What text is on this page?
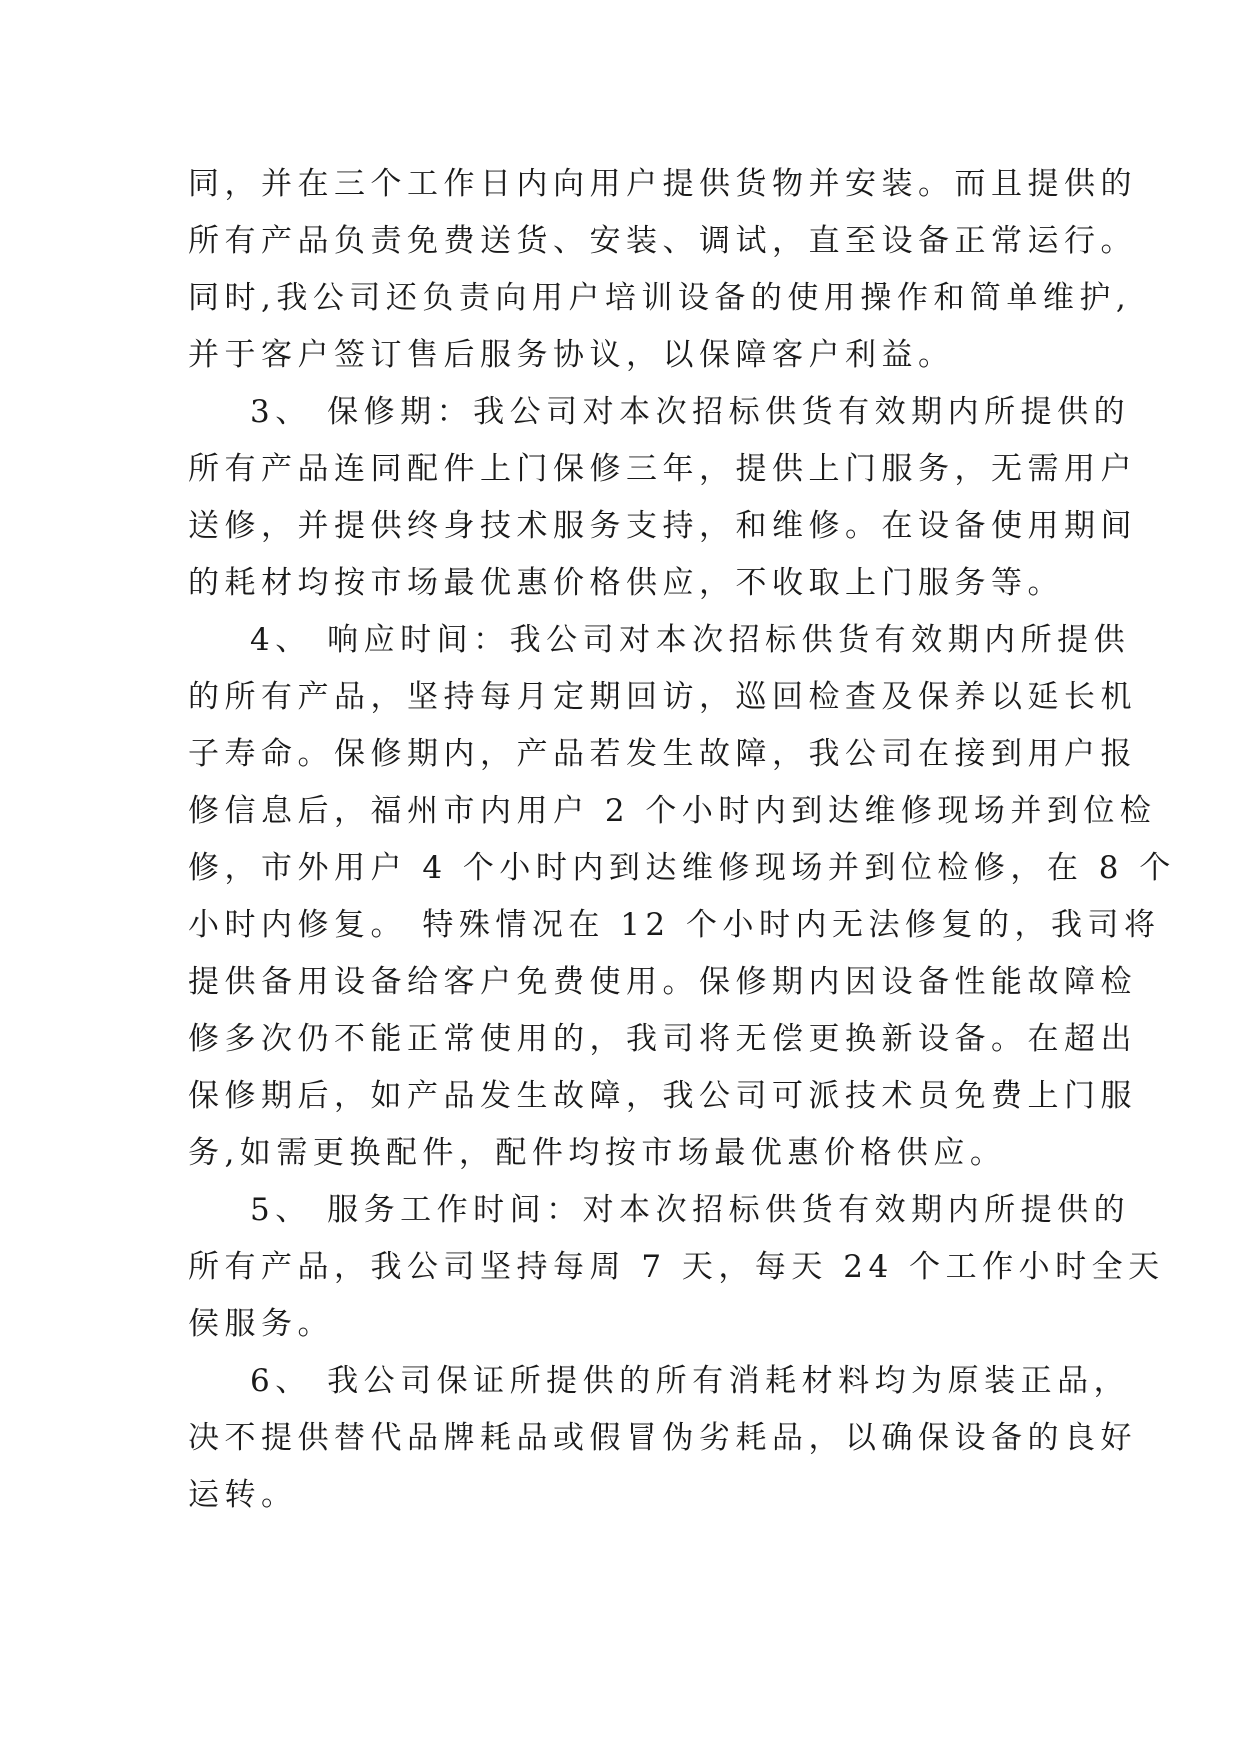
同，并在三个工作日内向用户提供货物并安装。而且提供的
所有产品负责免费送货、安装、调试，直至设备正常运行。
同时,我公司还负责向用户培训设备的使用操作和简单维护,
并于客户签订售后服务协议，以保障客户利益。
3、 保修期：我公司对本次招标供货有效期内所提供的
所有产品连同配件上门保修三年，提供上门服务，无需用户
送修，并提供终身技术服务支持，和维修。在设备使用期间
的耗材均按市场最优惠价格供应，不收取上门服务等。
4、 响应时间：我公司对本次招标供货有效期内所提供
的所有产品，坚持每月定期回访，巡回检查及保养以延长机
子寿命。保修期内，产品若发生故障，我公司在接到用户报
修信息后，福州市内用户 2 个小时内到达维修现场并到位检
修，市外用户 4 个小时内到达维修现场并到位检修，在 8 个
小时内修复。 特殊情况在 12 个小时内无法修复的，我司将
提供备用设备给客户免费使用。保修期内因设备性能故障检
修多次仍不能正常使用的，我司将无偿更换新设备。在超出
保修期后，如产品发生故障，我公司可派技术员免费上门服
务,如需更换配件，配件均按市场最优惠价格供应。
5、 服务工作时间：对本次招标供货有效期内所提供的
所有产品，我公司坚持每周 7 天，每天 24 个工作小时全天
侯服务。
6、 我公司保证所提供的所有消耗材料均为原装正品，
决不提供替代品牌耗品或假冒伪劣耗品，以确保设备的良好
运转。
